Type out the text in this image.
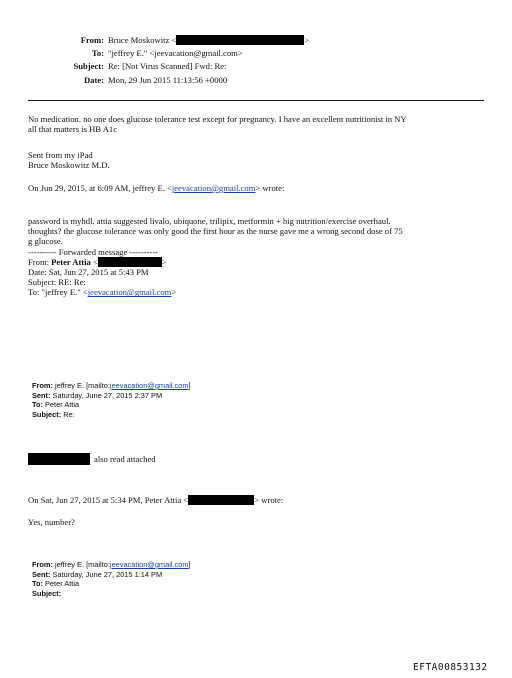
From: Bruce Moskowitz <	>
To: "jeffrey E." <jeevacation@gmail.com>
Subject: Re: [Not Virus Scanned] Fwd: Re:
Date: Mon, 29 Jun 2015 11:13:56 +0000
No medication. no one does glucose tolerance test except for pregnancy. I have an excellent nutritionist in NY
all that matters is HB A1c
Sent from my iPad
Bruce Moskowitz M.D.
On Jun 29, 2015, at 6:09 AM, jeffrey E. <jeevacation@gmail.com> wrote:
password is myhdl. attia suggested livalo, ubiquone, trilipix, metformin + big nutrition/exercise overhaul.
thoughts? the glucose tolerance was only good the first hour as the nurse gave me a wrong second dose of 75
g glucose.
---------- Forwarded message ----------
From: Peter Attia <	>
Date: Sat, Jun 27, 2015 at 5:43 PM
Subject: RE: Re:
To: "jeffrey E." <jeevacation@gmail.com>
From: jeffrey E. [mailto:jeevacation@gmail.com]
Sent: Saturday, June 27, 2015 2:37 PM
To: Peter Attia
Subject: Re:
also read attached
On Sat, Jun 27, 2015 at 5:34 PM, Peter Attia <	> wrote:
Yes, number?
From: jeffrey E. [mailto:jeevacation@gmail.com]
Sent: Saturday, June 27, 2015 1:14 PM
To: Peter Attia
Subject:
EFTA00853132
